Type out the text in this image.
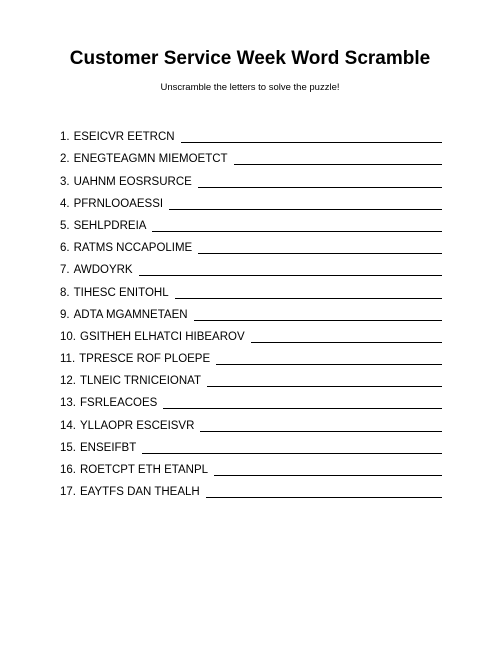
Customer Service Week Word Scramble
Unscramble the letters to solve the puzzle!
1. ESEICVR EETRCN
2. ENEGTEAGMN MIEMOETCT
3. UAHNM EOSRSURCE
4. PFRNLOOAESSI
5. SEHLPDREIA
6. RATMS NCCAPOLIME
7. AWDOYRK
8. TIHESC ENITOHL
9. ADTA MGAMNETAEN
10. GSITHEH ELHATCI HIBEAROV
11. TPRESCE ROF PLOEPE
12. TLNEIC TRNICEIONAT
13. FSRLEACOES
14. YLLAOPR ESCEISVR
15. ENSEIFBT
16. ROETCPT ETH ETANPL
17. EAYTFS DAN THEALH
